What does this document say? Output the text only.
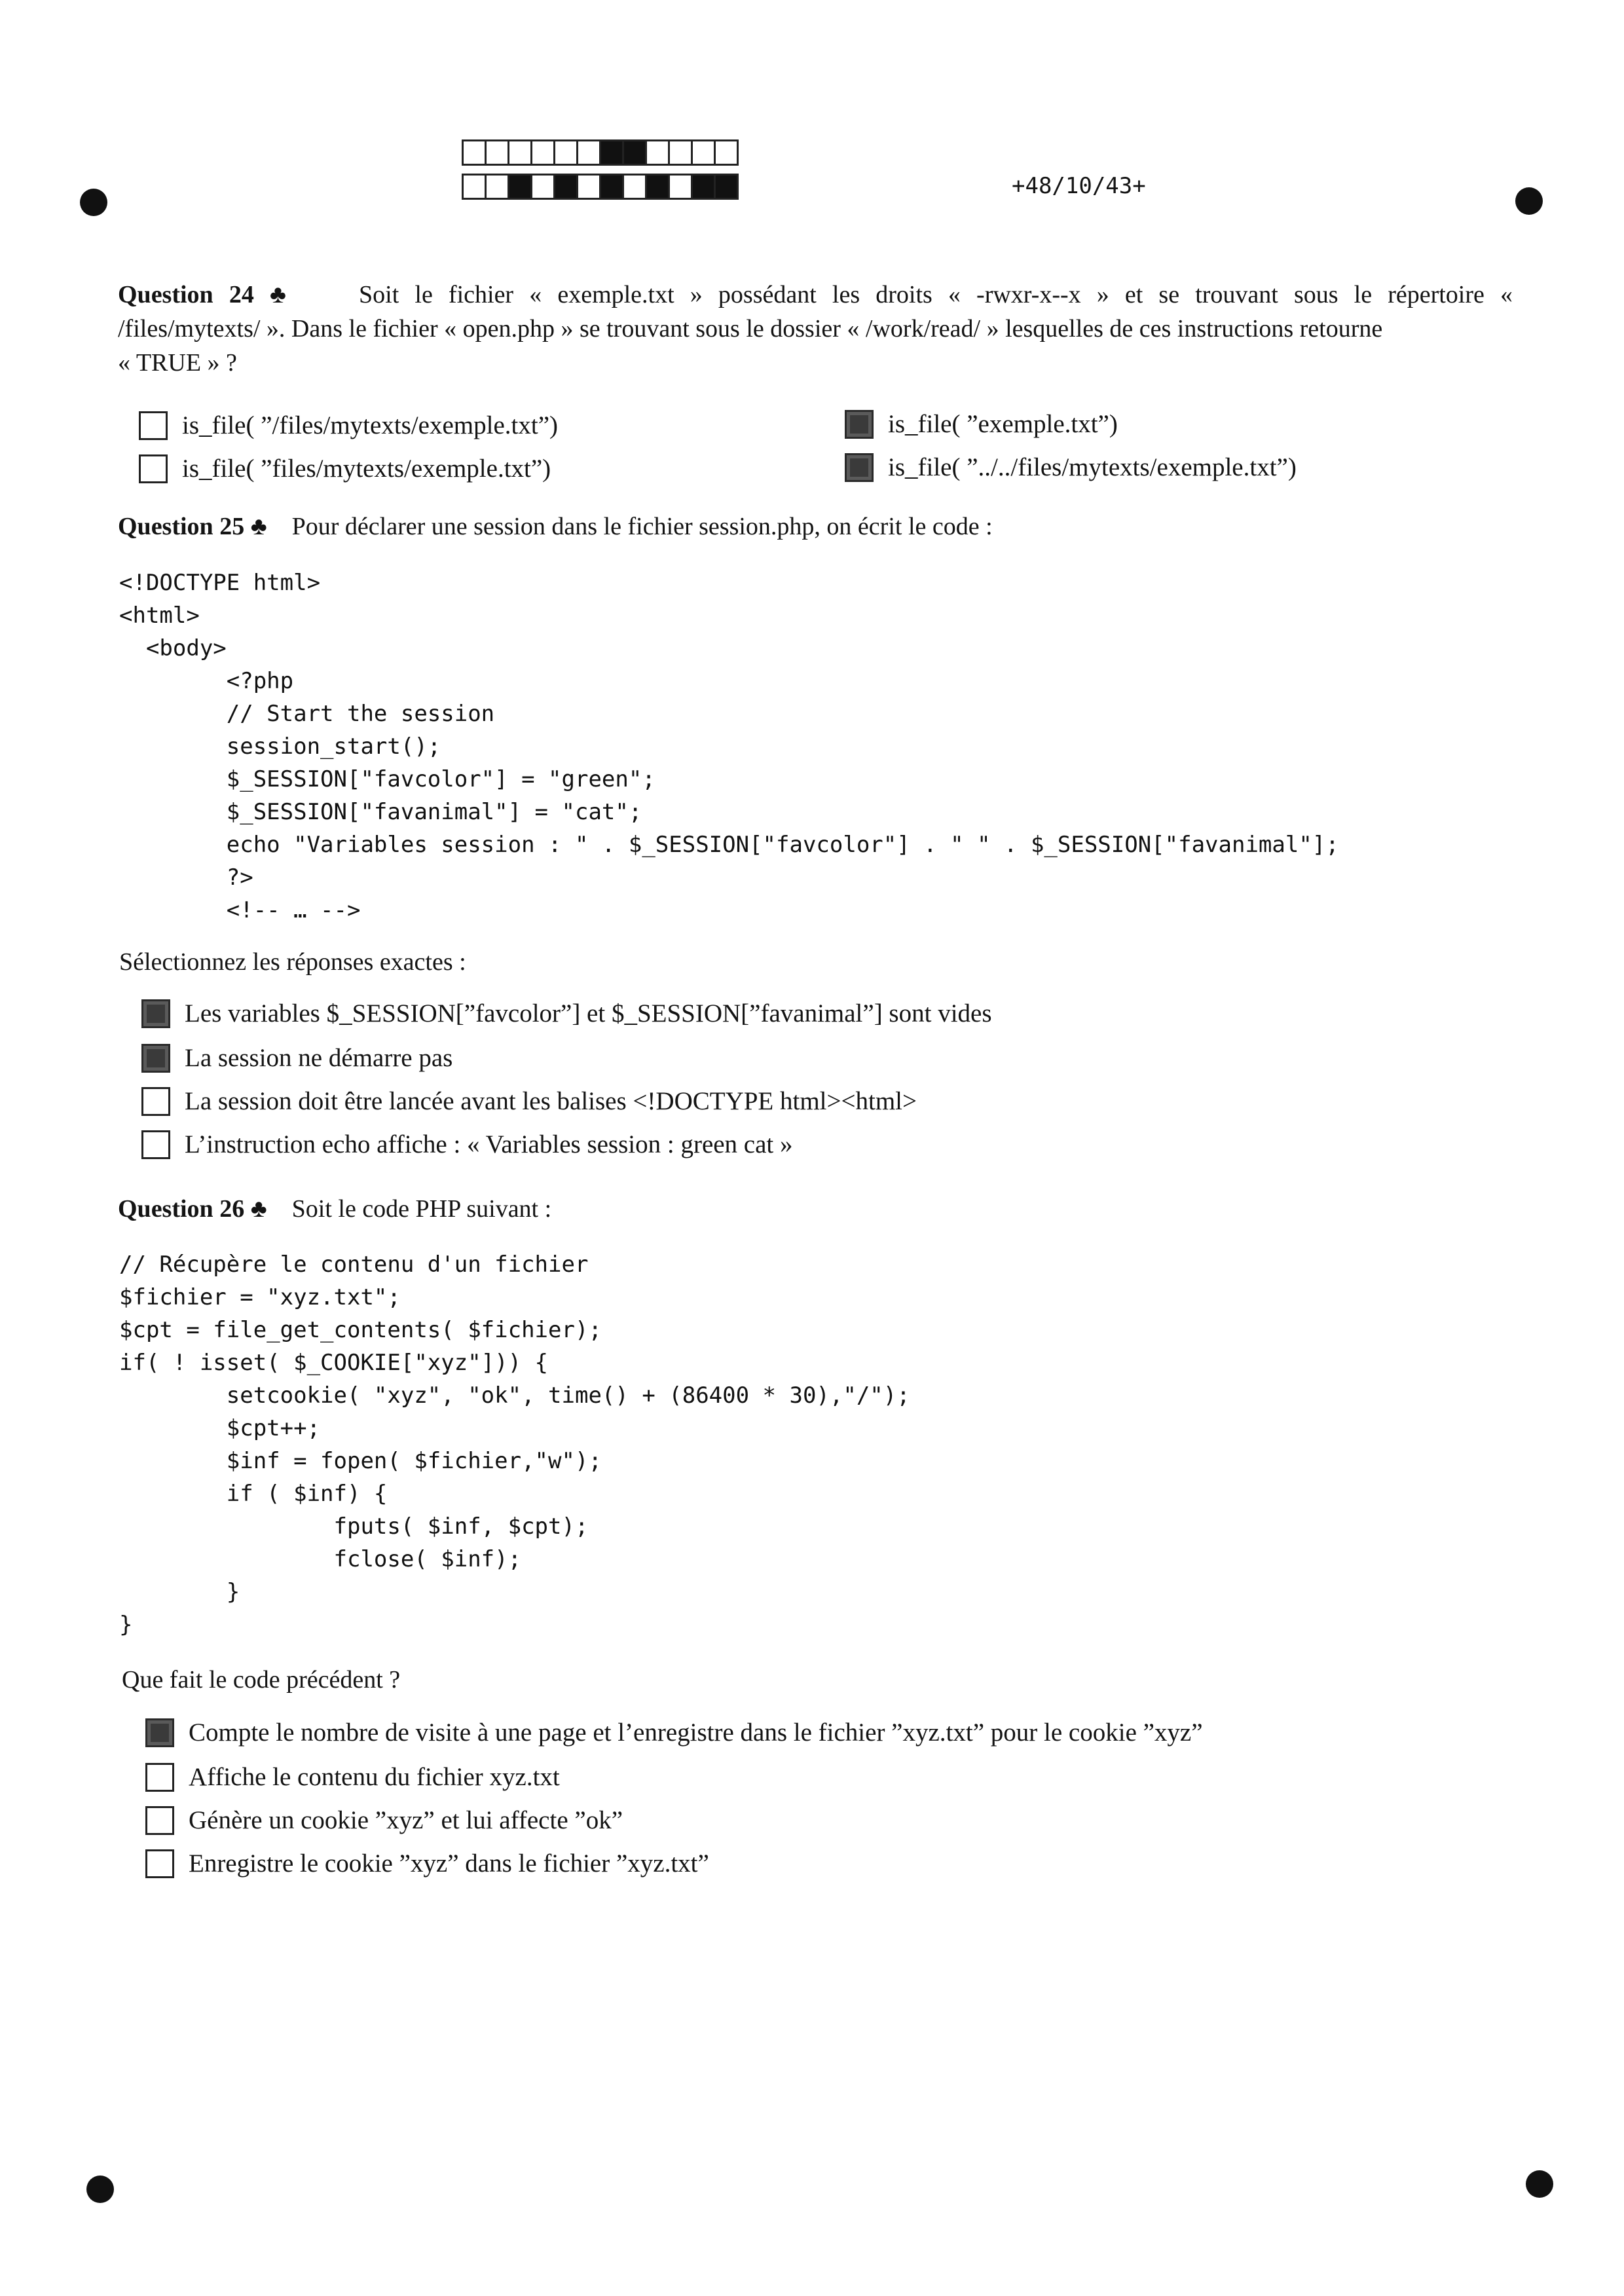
+48/10/43+
Question 24 ♣	Soit le fichier « exemple.txt » possédant les droits « -rwxr-x--x » et se trouvant sous le répertoire «
/files/mytexts/ ». Dans le fichier « open.php » se trouvant sous le dossier « /work/read/ » lesquelles de ces instructions retourne
« TRUE » ?
is_file( ”/files/mytexts/exemple.txt”)
is_file( ”files/mytexts/exemple.txt”)
is_file( ”exemple.txt”)
is_file( ”../../files/mytexts/exemple.txt”)
Question 25 ♣ Pour déclarer une session dans le fichier session.php, on écrit le code :
<!DOCTYPE html>
<html>
<body>
<?php
// Start the session
session_start();
$_SESSION["favcolor"] = "green";
$_SESSION["favanimal"] = "cat";
echo "Variables session : " . $_SESSION["favcolor"] . " " . $_SESSION["favanimal"];
?>
<!-- … -->
Sélectionnez les réponses exactes :
Les variables $_SESSION[”favcolor”] et $_SESSION[”favanimal”] sont vides
La session ne démarre pas
La session doit être lancée avant les balises <!DOCTYPE html><html>
L’instruction echo affiche : « Variables session : green cat »
Question 26 ♣ Soit le code PHP suivant :
// Récupère le contenu d'un fichier
$fichier = "xyz.txt";
$cpt = file_get_contents( $fichier);
if( ! isset( $_COOKIE["xyz"])) {
setcookie( "xyz", "ok", time() + (86400 * 30),"/");
$cpt++;
$inf = fopen( $fichier,"w");
if ( $inf) {
fputs( $inf, $cpt);
fclose( $inf);
}
}
Que fait le code précédent ?
Compte le nombre de visite à une page et l’enregistre dans le fichier ”xyz.txt” pour le cookie ”xyz”
Affiche le contenu du fichier xyz.txt
Génère un cookie ”xyz” et lui affecte ”ok”
Enregistre le cookie ”xyz” dans le fichier ”xyz.txt”
